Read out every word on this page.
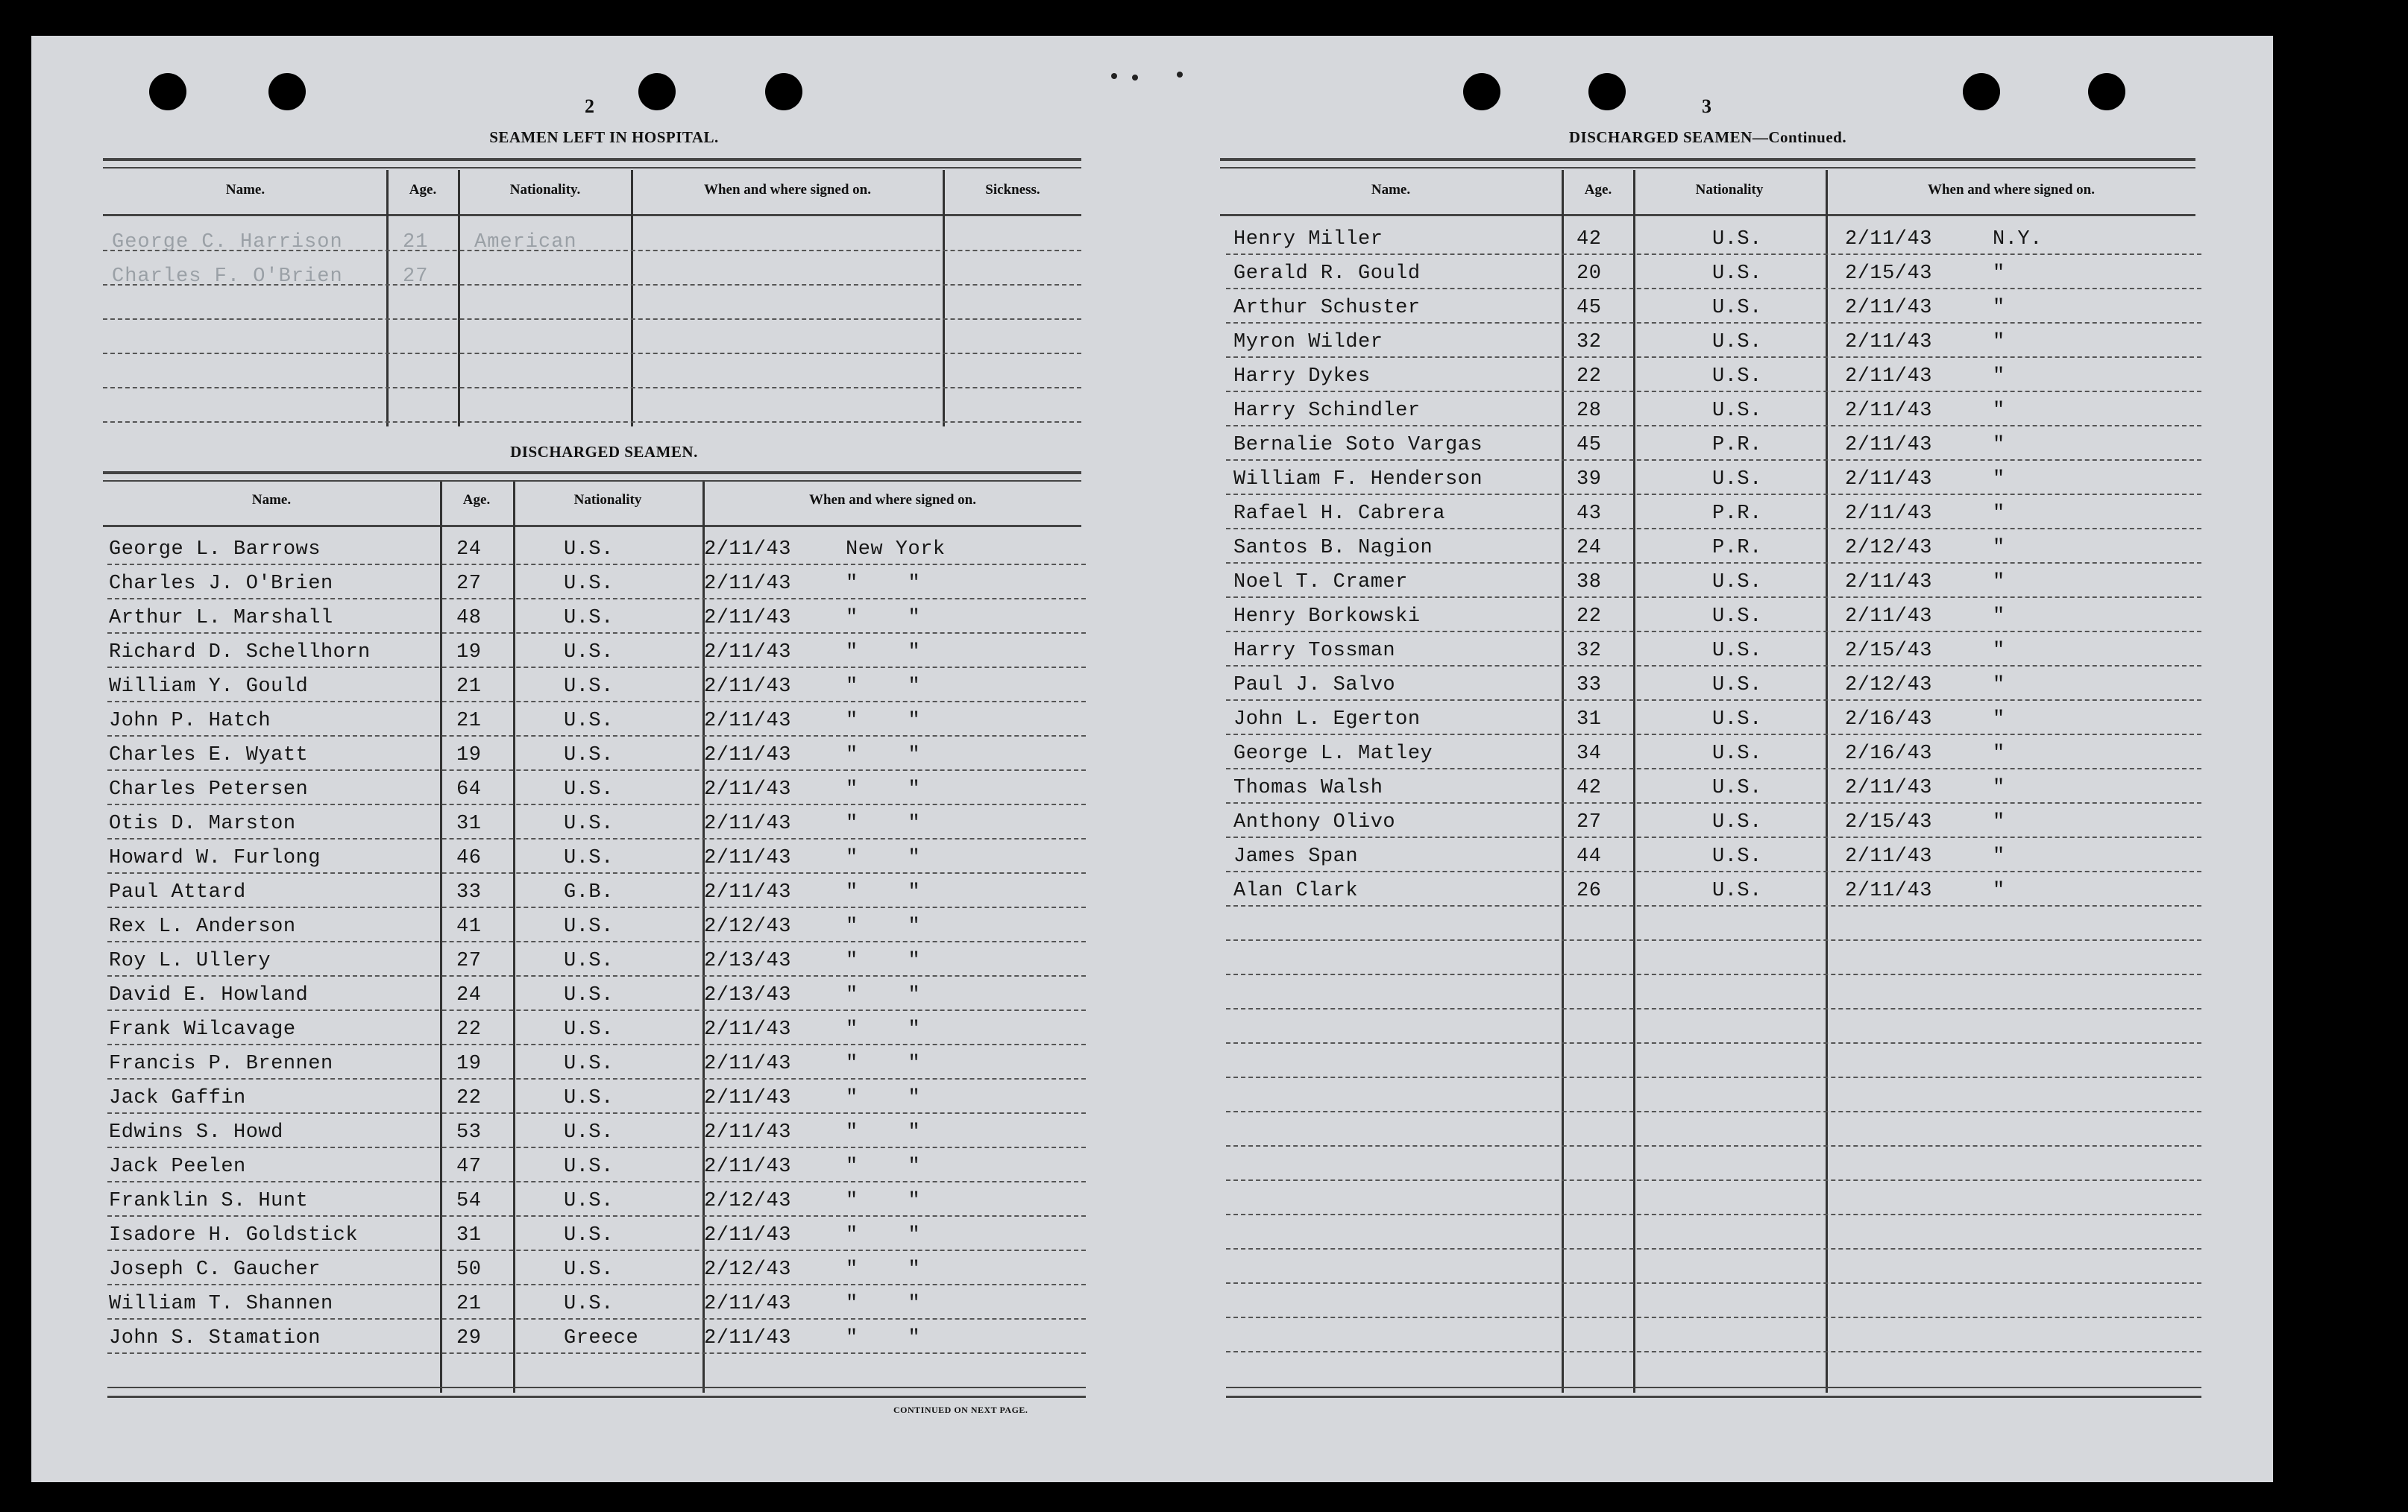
2
SEAMEN LEFT IN HOSPITAL.
Name.	Age.	Nationality.	When and where signed on.	Sickness.
George C. Harrison	21 American
Charles F. O'Brien	27
DISCHARGED SEAMEN.
Name.	Age.	Nationality	When and where signed on.
George L. Barrows	24	U.S.	2/11/43	New York
Charles J. O'Brien	27	U.S.	2/11/43	"    "
Arthur L. Marshall	48	U.S.	2/11/43	"    "
Richard D. Schellhorn	19	U.S.	2/11/43	"    "
William Y. Gould	21	U.S.	2/11/43	"    "
John P. Hatch	21	U.S.	2/11/43	"    "
Charles E. Wyatt	19	U.S.	2/11/43	"    "
Charles Petersen	64	U.S.	2/11/43	"    "
Otis D. Marston	31	U.S.	2/11/43	"    "
Howard W. Furlong	46	U.S.	2/11/43	"    "
Paul Attard	33	G.B.	2/11/43	"    "
Rex L. Anderson	41	U.S.	2/12/43	"    "
Roy L. Ullery	27	U.S.	2/13/43	"    "
David E. Howland	24	U.S.	2/13/43	"    "
Frank Wilcavage	22	U.S.	2/11/43	"    "
Francis P. Brennen	19	U.S.	2/11/43	"    "
Jack Gaffin	22	U.S.	2/11/43	"    "
Edwins S. Howd	53	U.S.	2/11/43	"    "
Jack Peelen	47	U.S.	2/11/43	"    "
Franklin S. Hunt	54	U.S.	2/12/43	"    "
Isadore H. Goldstick	31	U.S.	2/11/43	"    "
Joseph C. Gaucher	50	U.S.	2/12/43	"    "
William T. Shannen	21	U.S.	2/11/43	"    "
John S. Stamation	29	Greece	2/11/43	"    "
CONTINUED ON NEXT PAGE.
3
DISCHARGED SEAMEN—Continued.
Name.	Age.	Nationality	When and where signed on.
Henry Miller	42	U.S.	2/11/43	N.Y.
Gerald R. Gould	20	U.S.	2/15/43	"
Arthur Schuster	45	U.S.	2/11/43	"
Myron Wilder	32	U.S.	2/11/43	"
Harry Dykes	22	U.S.	2/11/43	"
Harry Schindler	28	U.S.	2/11/43	"
Bernalie Soto Vargas	45	P.R.	2/11/43	"
William F. Henderson	39	U.S.	2/11/43	"
Rafael H. Cabrera	43	P.R.	2/11/43	"
Santos B. Nagion	24	P.R.	2/12/43	"
Noel T. Cramer	38	U.S.	2/11/43	"
Henry Borkowski	22	U.S.	2/11/43	"
Harry Tossman	32	U.S.	2/15/43	"
Paul J. Salvo	33	U.S.	2/12/43	"
John L. Egerton	31	U.S.	2/16/43	"
George L. Matley	34	U.S.	2/16/43	"
Thomas Walsh	42	U.S.	2/11/43	"
Anthony Olivo	27	U.S.	2/15/43	"
James Span	44	U.S.	2/11/43	"
Alan Clark	26	U.S.	2/11/43	"
